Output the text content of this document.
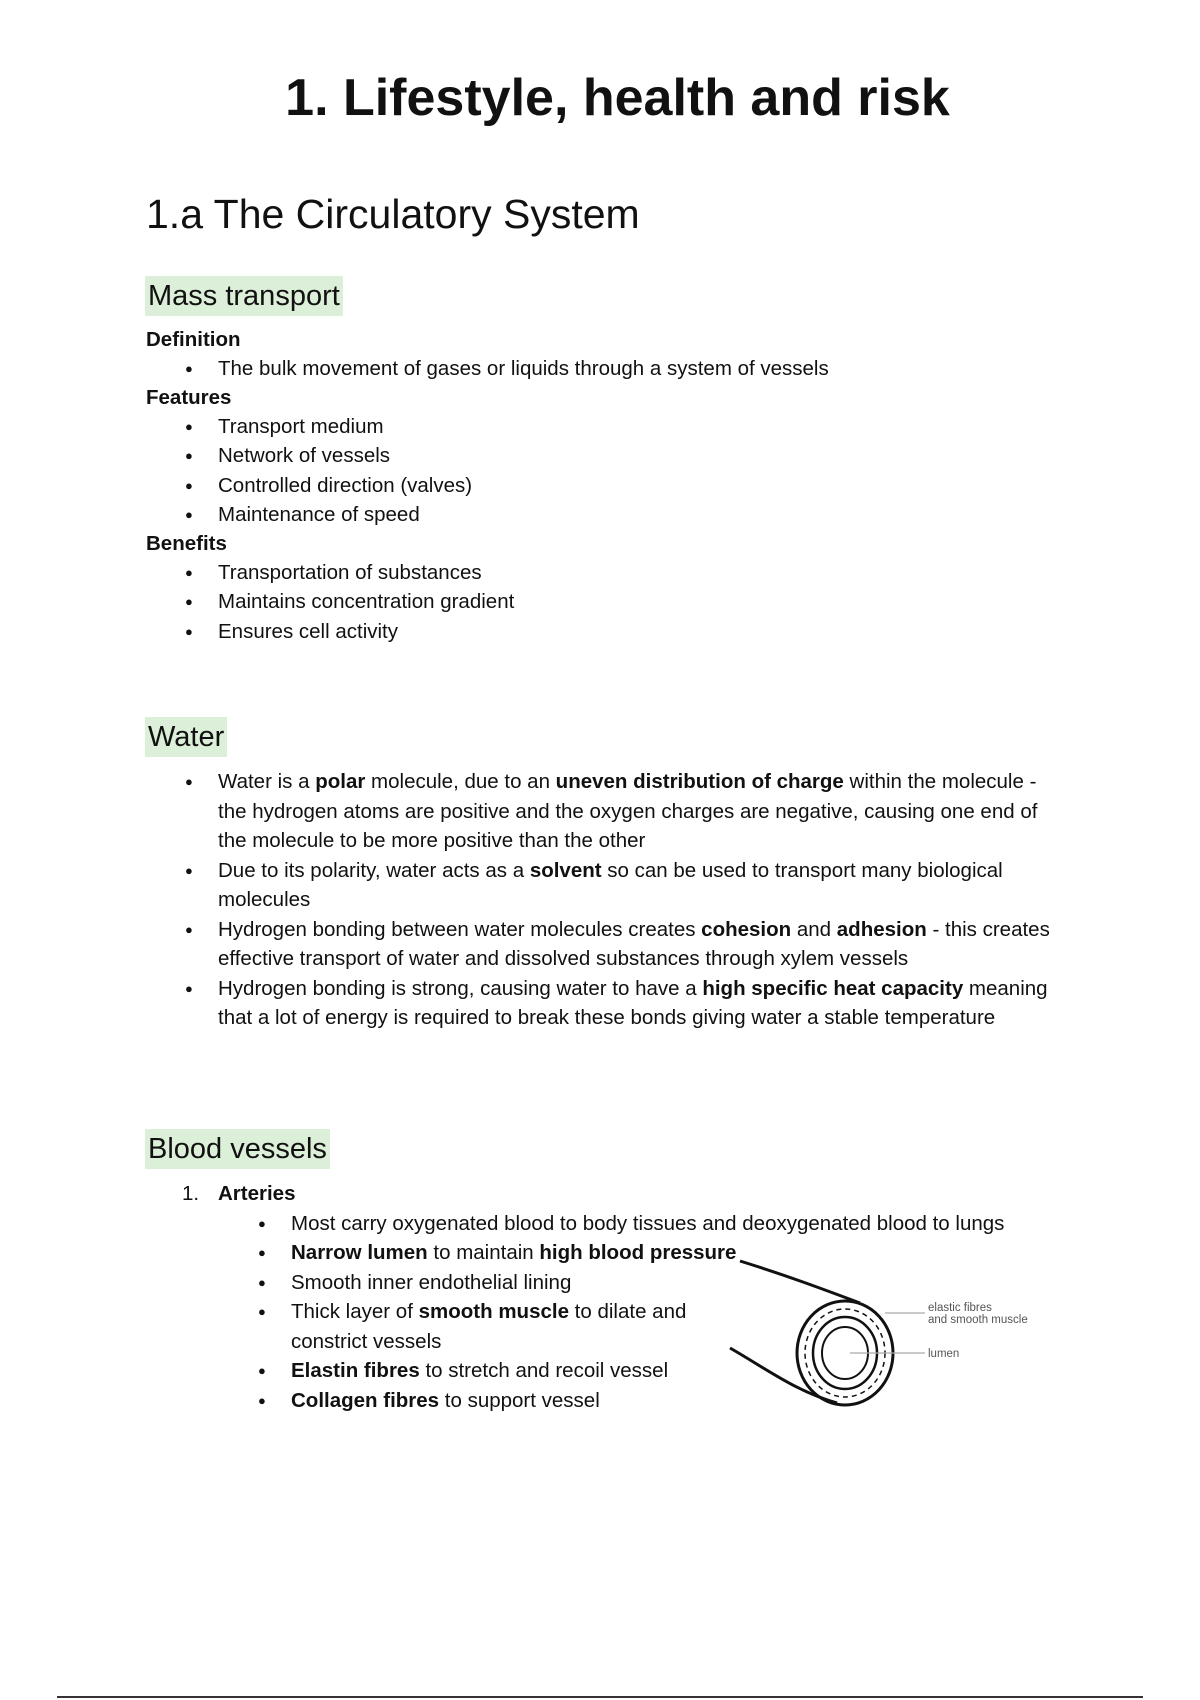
1. Lifestyle, health and risk
1.a The Circulatory System
Mass transport
Definition
● The bulk movement of gases or liquids through a system of vessels
Features
● Transport medium
● Network of vessels
● Controlled direction (valves)
● Maintenance of speed
Benefits
● Transportation of substances
● Maintains concentration gradient
● Ensures cell activity
Water
● Water is a polar molecule, due to an uneven distribution of charge within the molecule - the hydrogen atoms are positive and the oxygen charges are negative, causing one end of the molecule to be more positive than the other
● Due to its polarity, water acts as a solvent so can be used to transport many biological molecules
● Hydrogen bonding between water molecules creates cohesion and adhesion - this creates effective transport of water and dissolved substances through xylem vessels
● Hydrogen bonding is strong, causing water to have a high specific heat capacity meaning that a lot of energy is required to break these bonds giving water a stable temperature
Blood vessels
1. Arteries
● Most carry oxygenated blood to body tissues and deoxygenated blood to lungs
● Narrow lumen to maintain high blood pressure
● Smooth inner endothelial lining
● Thick layer of smooth muscle to dilate and constrict vessels
● Elastin fibres to stretch and recoil vessel
● Collagen fibres to support vessel
elastic fibres
and smooth muscle
lumen
